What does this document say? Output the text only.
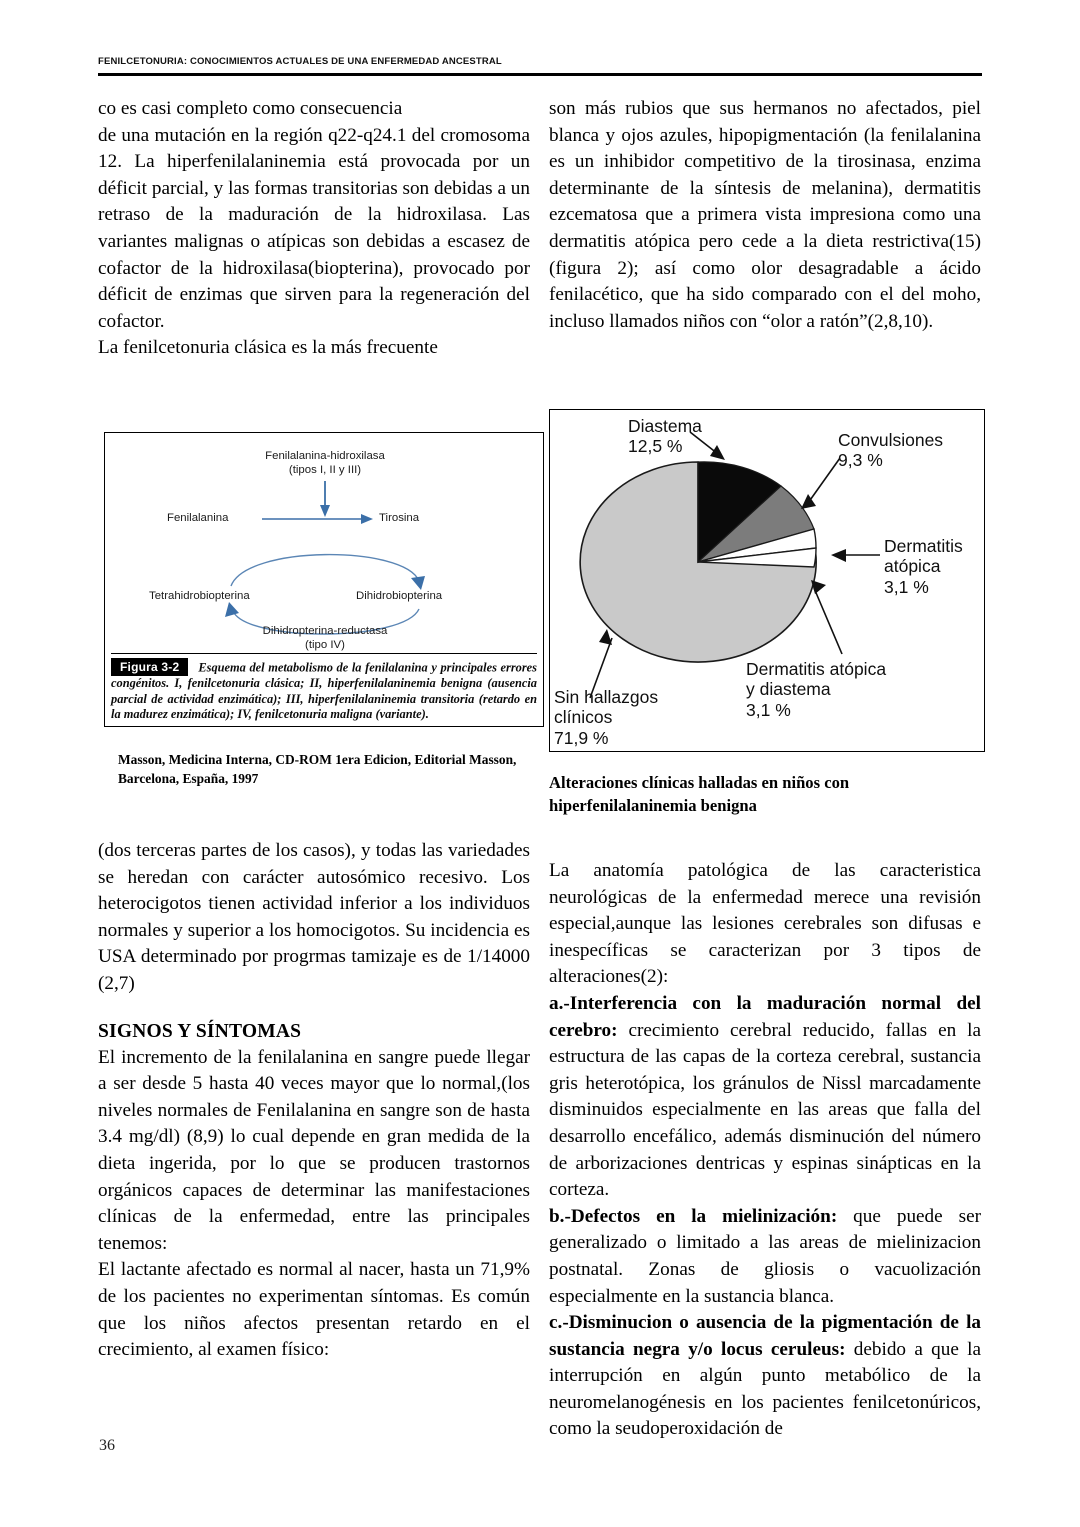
FENILCETONURIA: CONOCIMIENTOS ACTUALES DE UNA ENFERMEDAD ANCESTRAL

co es casi completo como consecuencia

de una mutación en la región q22-q24.1 del cromosoma 12. La hiperfenilalaninemia está provocada por un déficit parcial, y las formas transitorias son debidas a un retraso de la maduración de la hidroxilasa. Las variantes malignas o atípicas son debidas a escasez de cofactor de la hidroxilasa(biopterina), provocado por déficit de enzimas que sirven para la regeneración del cofactor.

La fenilcetonuria clásica es la más frecuente

Fenilalanina-hidroxilasa
(tipos I, II y III)
Fenilalanina	Tirosina
Tetrahidrobiopterina	Dihidrobiopterina
Dihidropterina-reductasa
(tipo IV)
Figura 3-2 Esquema del metabolismo de la fenilalanina y principales errores congénitos. I, fenilcetonuria clásica; II, hiperfenilalaninemia benigna (ausencia parcial de actividad enzimática); III, hiperfenilalaninemia transitoria (retardo en la madurez enzimática); IV, fenilcetonuria maligna (variante).
Masson, Medicina Interna, CD-ROM 1era Edicion, Editorial Masson, Barcelona, España, 1997

(dos terceras partes de los casos), y todas las variedades se heredan con carácter autosómico recesivo. Los heterocigotos tienen actividad inferior a los individuos normales y superior a los homocigotos. Su incidencia es USA determinado por progrmas tamizaje es de 1/14000 (2,7)

SIGNOS Y SÍNTOMAS

El incremento de la fenilalanina en sangre puede llegar a ser desde 5 hasta 40 veces mayor que lo normal,(los niveles normales de Fenilalanina en sangre son de hasta 3.4 mg/dl) (8,9) lo cual depende en gran medida de la dieta ingerida, por lo que se producen trastornos orgánicos capaces de determinar las manifestaciones clínicas de la enfermedad, entre las principales tenemos:

El lactante afectado es normal al nacer, hasta un 71,9% de los pacientes no experimentan síntomas. Es común que los niños afectos presentan retardo en el crecimiento, al examen físico:

son más rubios que sus hermanos no afectados, piel blanca y ojos azules, hipopigmentación (la fenilalanina es un inhibidor competitivo de la tirosinasa, enzima determinante de la síntesis de melanina), dermatitis ezcematosa que a primera vista impresiona como una dermatitis atópica pero cede a la dieta restrictiva(15) (figura 2); así como olor desagradable a ácido fenilacético, que ha sido comparado con el del moho, incluso llamados niños con “olor a ratón”(2,8,10).

Diastema
12,5 %	Convulsiones
9,3 %
Dermatitis
atópica
3,1 %
Dermatitis atópica
y diastema
3,1 %
Sin hallazgos
clínicos
71,9 %
Alteraciones clínicas halladas en niños con hiperfenilalaninemia benigna

La anatomía patológica de las caracteristica neurológicas de la enfermedad merece una revisión especial,aunque las lesiones cerebrales son difusas e inespecíficas se caracterizan por 3 tipos de alteraciones(2):

a.-Interferencia con la maduración normal del cerebro: crecimiento cerebral reducido, fallas en la estructura de las capas de la corteza cerebral, sustancia gris heterotópica, los gránulos de Nissl marcadamente disminuidos especialmente en las areas que falla del desarrollo encefálico, además disminución del número de arborizaciones dentricas y espinas sinápticas en la corteza.

b.-Defectos en la mielinización: que puede ser generalizado o limitado a las areas de mielinizacion postnatal. Zonas de gliosis o vacuolización especialmente en la sustancia blanca.

c.-Disminucion o ausencia de la pigmentación de la sustancia negra y/o locus ceruleus: debido a que la interrupción en algún punto metabólico de la neuromelanogénesis en los pacientes fenilcetonúricos, como la seudoperoxidación de

36
